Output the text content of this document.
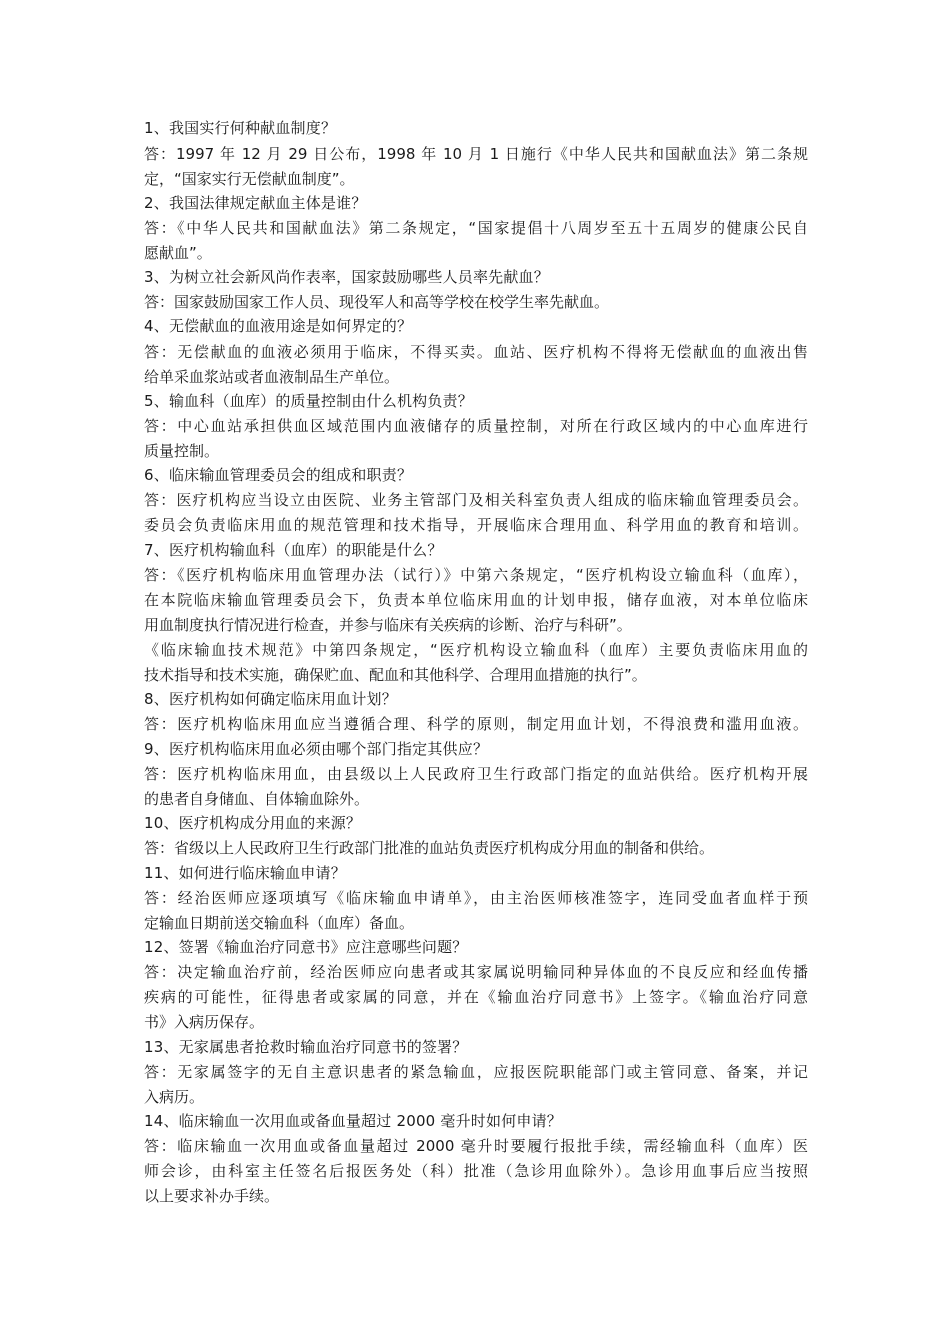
1、我国实行何种献血制度？
答：1997 年 12 月 29 日公布，1998 年 10 月 1 日施行《中华人民共和国献血法》第二条规
定，“国家实行无偿献血制度”。
2、我国法律规定献血主体是谁？
答：《中华人民共和国献血法》第二条规定，“国家提倡十八周岁至五十五周岁的健康公民自
愿献血”。
3、为树立社会新风尚作表率，国家鼓励哪些人员率先献血？
答：国家鼓励国家工作人员、现役军人和高等学校在校学生率先献血。
4、无偿献血的血液用途是如何界定的？
答：无偿献血的血液必须用于临床，不得买卖。血站、医疗机构不得将无偿献血的血液出售
给单采血浆站或者血液制品生产单位。
5、输血科（血库）的质量控制由什么机构负责？
答：中心血站承担供血区域范围内血液储存的质量控制，对所在行政区域内的中心血库进行
质量控制。
6、临床输血管理委员会的组成和职责？
答：医疗机构应当设立由医院、业务主管部门及相关科室负责人组成的临床输血管理委员会。
委员会负责临床用血的规范管理和技术指导，开展临床合理用血、科学用血的教育和培训。
7、医疗机构输血科（血库）的职能是什么？
答：《医疗机构临床用血管理办法（试行）》中第六条规定，“医疗机构设立输血科（血库），
在本院临床输血管理委员会下，负责本单位临床用血的计划申报，储存血液，对本单位临床
用血制度执行情况进行检查，并参与临床有关疾病的诊断、治疗与科研”。
《临床输血技术规范》中第四条规定，“医疗机构设立输血科（血库）主要负责临床用血的
技术指导和技术实施，确保贮血、配血和其他科学、合理用血措施的执行”。
8、医疗机构如何确定临床用血计划？
答：医疗机构临床用血应当遵循合理、科学的原则，制定用血计划，不得浪费和滥用血液。
9、医疗机构临床用血必须由哪个部门指定其供应？
答：医疗机构临床用血，由县级以上人民政府卫生行政部门指定的血站供给。医疗机构开展
的患者自身储血、自体输血除外。
10、医疗机构成分用血的来源？
答：省级以上人民政府卫生行政部门批准的血站负责医疗机构成分用血的制备和供给。
11、如何进行临床输血申请？
答：经治医师应逐项填写《临床输血申请单》，由主治医师核准签字，连同受血者血样于预
定输血日期前送交输血科（血库）备血。
12、签署《输血治疗同意书》应注意哪些问题？
答：决定输血治疗前，经治医师应向患者或其家属说明输同种异体血的不良反应和经血传播
疾病的可能性，征得患者或家属的同意，并在《输血治疗同意书》上签字。《输血治疗同意
书》入病历保存。
13、无家属患者抢救时输血治疗同意书的签署？
答：无家属签字的无自主意识患者的紧急输血，应报医院职能部门或主管同意、备案，并记
入病历。
14、临床输血一次用血或备血量超过 2000 毫升时如何申请？
答：临床输血一次用血或备血量超过 2000 毫升时要履行报批手续，需经输血科（血库）医
师会诊，由科室主任签名后报医务处（科）批准（急诊用血除外）。急诊用血事后应当按照
以上要求补办手续。
